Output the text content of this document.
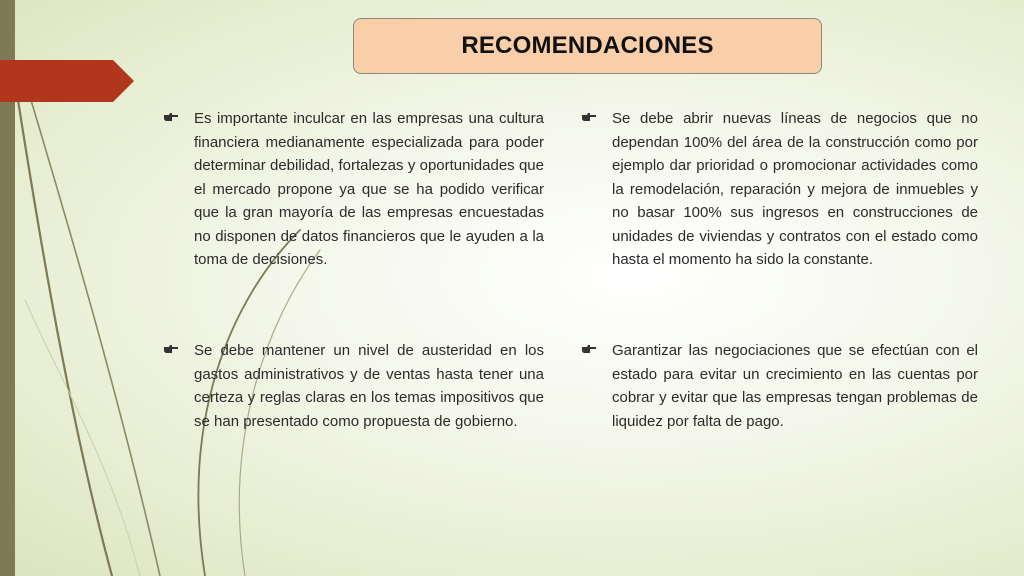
RECOMENDACIONES
Es importante inculcar en las empresas una cultura financiera medianamente especializada para poder determinar debilidad, fortalezas y oportunidades que el mercado propone ya que se ha podido verificar que la gran mayoría de las empresas encuestadas no disponen de datos financieros que le ayuden a la toma de decisiones.
Se debe mantener un nivel de austeridad en los gastos administrativos y de ventas hasta tener una certeza y reglas claras en los temas impositivos que se han presentado como propuesta de gobierno.
Se debe abrir nuevas líneas de negocios que no dependan 100% del área de la construcción como por ejemplo dar prioridad o promocionar actividades como la remodelación, reparación y mejora de inmuebles y no basar 100% sus ingresos en construcciones de unidades de viviendas y contratos con el estado como hasta el momento ha sido la constante.
Garantizar las negociaciones que se efectúan con el estado para evitar un crecimiento en las cuentas por cobrar y evitar que las empresas tengan problemas de liquidez por falta de pago.
